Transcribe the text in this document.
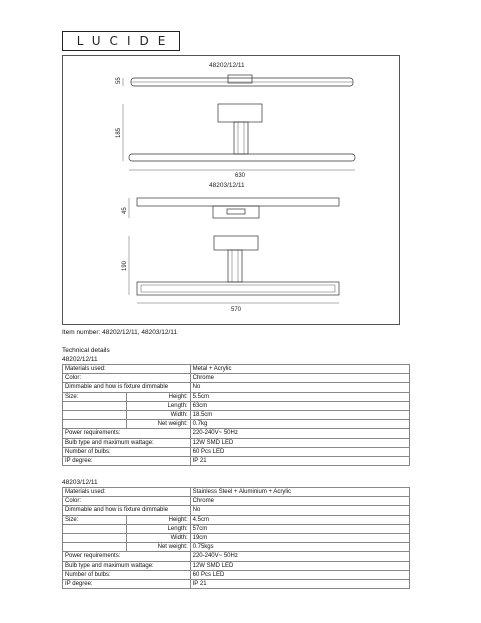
LUCIDE
48202/12/11
55
185
630
48203/12/11
45
190
570
Item number: 48202/12/11, 48203/12/11
Technical details
48202/12/11
Materials used:		Metal + Acrylic
Color:		Chrome
Dimmable and how is fixture dimmable		No
Size:	Height:	5.5cm
	Length:	63cm
	Width:	18.5cm
	Net weight:	0.7kg
Power requirements:		220-240V~ 50Hz
Bulb type and maximum wattage:		12W SMD LED
Number of bulbs:		60 Pcs LED
IP degree:		IP 21
48203/12/11
Materials used:		Stainless Steel + Aluminium + Acrylic
Color:		Chrome
Dimmable and how is fixture dimmable		No
Size:	Height:	4.5cm
	Length:	57cm
	Width:	19cm
	Net weight:	0.75kgs
Power requirements:		220-240V~ 50Hz
Bulb type and maximum wattage:		12W SMD LED
Number of bulbs:		60 Pcs LED
IP degree:		IP 21
